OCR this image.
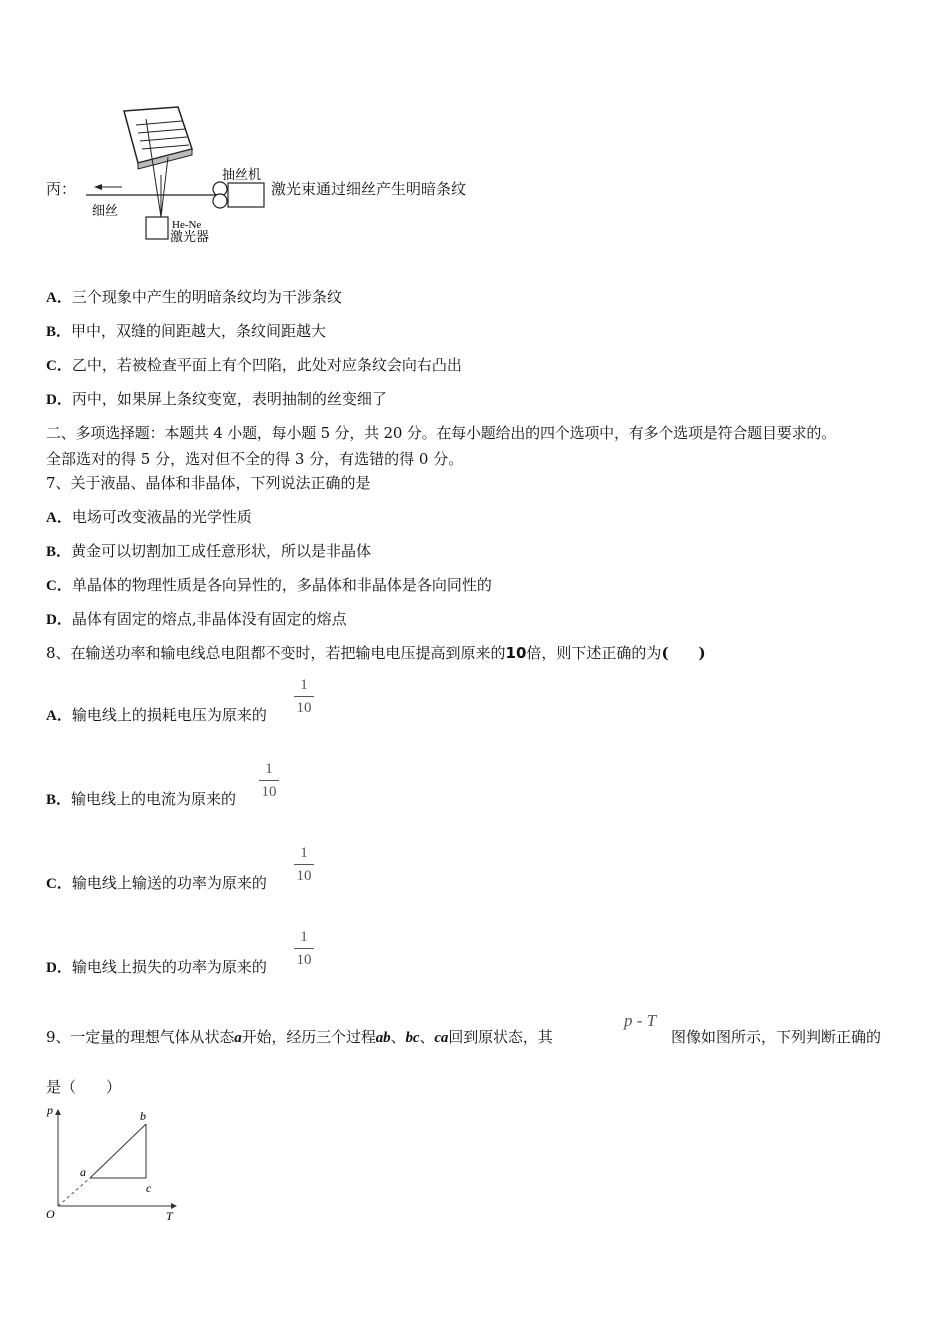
丙：
抽丝机
细丝
He-Ne
激光器
激光束通过细丝产生明暗条纹
A．三个现象中产生的明暗条纹均为干涉条纹
B．甲中，双缝的间距越大，条纹间距越大
C．乙中，若被检查平面上有个凹陷，此处对应条纹会向右凸出
D．丙中，如果屏上条纹变宽，表明抽制的丝变细了
二、多项选择题：本题共 4 小题，每小题 5 分，共 20 分。在每小题给出的四个选项中，有多个选项是符合题目要求的。
全部选对的得 5 分，选对但不全的得 3 分，有选错的得 0 分。
7、关于液晶、晶体和非晶体，下列说法正确的是
A．电场可改变液晶的光学性质
B．黄金可以切割加工成任意形状，所以是非晶体
C．单晶体的物理性质是各向异性的，多晶体和非晶体是各向同性的
D．晶体有固定的熔点,非晶体没有固定的熔点
8、在输送功率和输电线总电阻都不变时，若把输电电压提高到原来的10倍，则下述正确的为(　　)
A．输电线上的损耗电压为原来的 $\frac{1}{10}$
B．输电线上的电流为原来的 $\frac{1}{10}$
C．输电线上输送的功率为原来的 $\frac{1}{10}$
D．输电线上损失的功率为原来的 $\frac{1}{10}$
9、一定量的理想气体从状态a开始，经历三个过程ab、bc、ca回到原状态，其
p - T
图像如图所示，下列判断正确的
是（　　）
p
T
O
a
b
c
